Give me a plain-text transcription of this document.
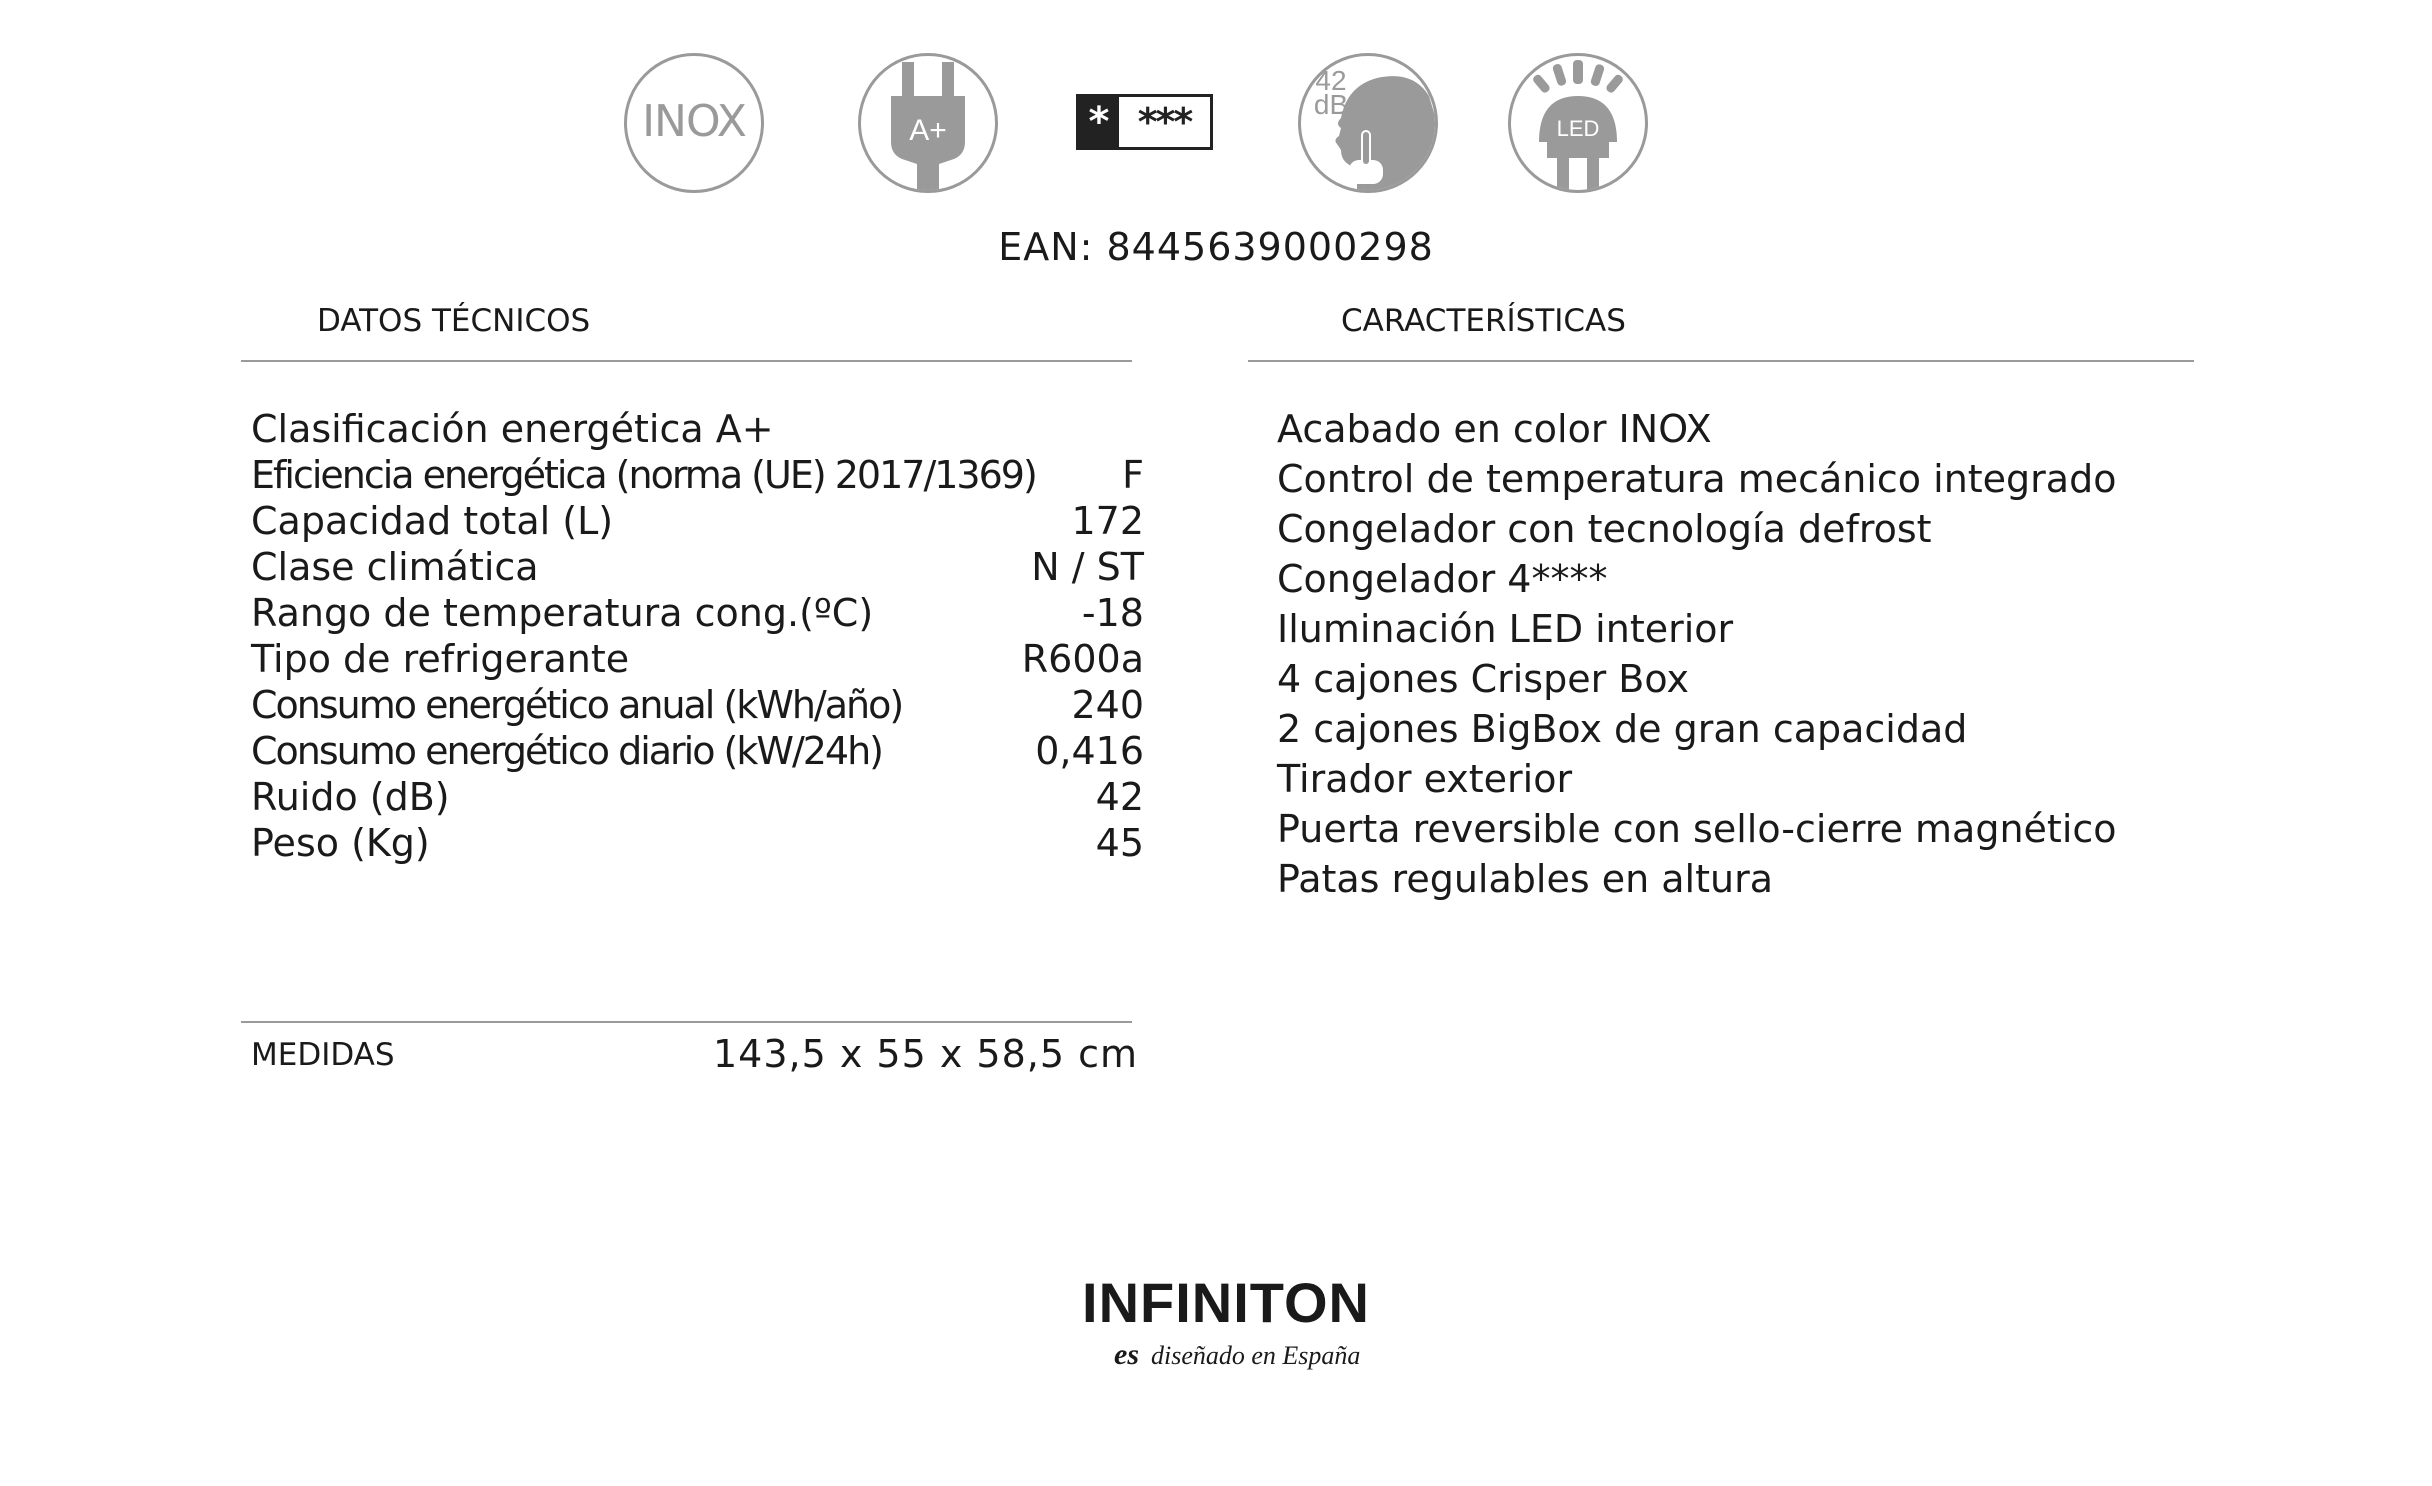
INOX	A+	* ***
42
dB
LED
EAN: 8445639000298
DATOS TÉCNICOS	CARACTERÍSTICAS
Clasificación energética A+
Eficiencia energética (norma (UE) 2017/1369) F
Capacidad total (L)	172
Clase climática	N / ST
Rango de temperatura cong.(ºC)	-18
Tipo de refrigerante	R600a
Consumo energético anual (kWh/año)	240
Consumo energético diario (kW/24h)	0,416
Ruido (dB)	42
Peso (Kg)	45
Acabado en color INOX
Control de temperatura mecánico integrado
Congelador con tecnología defrost
Congelador 4****
Iluminación LED interior
4 cajones Crisper Box
2 cajones BigBox de gran capacidad
Tirador exterior
Puerta reversible con sello-cierre magnético
Patas regulables en altura
MEDIDAS	143,5 x 55 x 58,5 cm
INFINITON
es diseñado en España
